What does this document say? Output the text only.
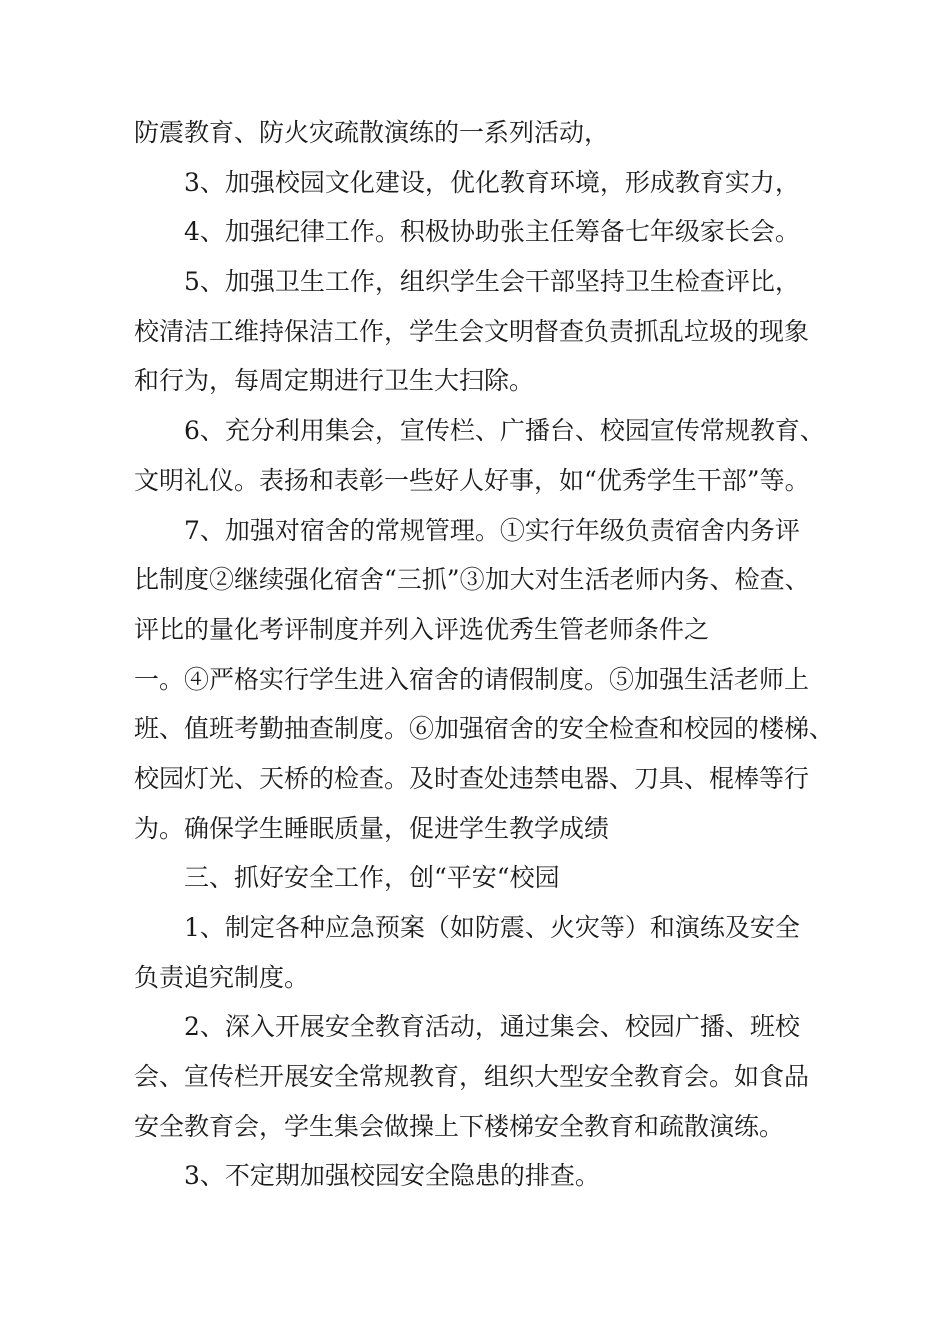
防震教育、防火灾疏散演练的一系列活动，
3、加强校园文化建设，优化教育环境，形成教育实力，
4、加强纪律工作。积极协助张主任筹备七年级家长会。
5、加强卫生工作，组织学生会干部坚持卫生检查评比，
校清洁工维持保洁工作，学生会文明督查负责抓乱垃圾的现象
和行为，每周定期进行卫生大扫除。
6、充分利用集会，宣传栏、广播台、校园宣传常规教育、
文明礼仪。表扬和表彰一些好人好事，如“优秀学生干部”等。
7、加强对宿舍的常规管理。①实行年级负责宿舍内务评
比制度②继续强化宿舍“三抓”③加大对生活老师内务、检查、
评比的量化考评制度并列入评选优秀生管老师条件之
一。④严格实行学生进入宿舍的请假制度。⑤加强生活老师上
班、值班考勤抽查制度。⑥加强宿舍的安全检查和校园的楼梯、
校园灯光、天桥的检查。及时查处违禁电器、刀具、棍棒等行
为。确保学生睡眠质量，促进学生教学成绩
三、抓好安全工作，创“平安“校园
1、制定各种应急预案（如防震、火灾等）和演练及安全
负责追究制度。
2、深入开展安全教育活动，通过集会、校园广播、班校
会、宣传栏开展安全常规教育，组织大型安全教育会。如食品
安全教育会，学生集会做操上下楼梯安全教育和疏散演练。
3、不定期加强校园安全隐患的排查。
